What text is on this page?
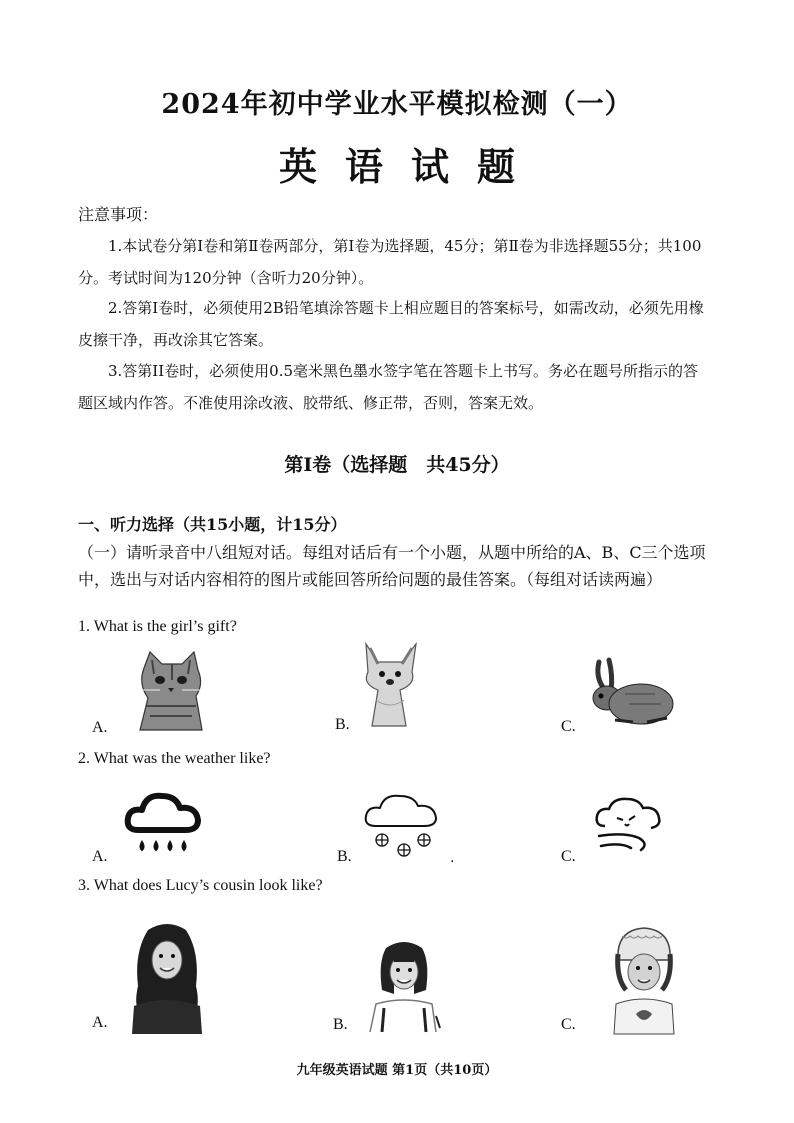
2024年初中学业水平模拟检测（一）
英语试题
注意事项：
1.本试卷分第Ⅰ卷和第Ⅱ卷两部分，第Ⅰ卷为选择题，45分；第Ⅱ卷为非选择题55分；共100分。考试时间为120分钟（含听力20分钟）。
2.答第Ⅰ卷时，必须使用2B铅笔填涂答题卡上相应题目的答案标号，如需改动，必须先用橡皮擦干净，再改涂其它答案。
3.答第II卷时，必须使用0.5毫米黑色墨水签字笔在答题卡上书写。务必在题号所指示的答题区域内作答。不准使用涂改液、胶带纸、修正带，否则，答案无效。
第Ⅰ卷（选择题　共45分）
一、听力选择（共15小题，计15分）
（一）请听录音中八组短对话。每组对话后有一个小题，从题中所给的A、B、C三个选项中，选出与对话内容相符的图片或能回答所给问题的最佳答案。（每组对话读两遍）
1. What is the girl’s gift?
A.	B.	C.
2. What was the weather like?
A.	B.	C.
.
3. What does Lucy’s cousin look like?
A.	B.	C.
九年级英语试题 第1页（共10页）
